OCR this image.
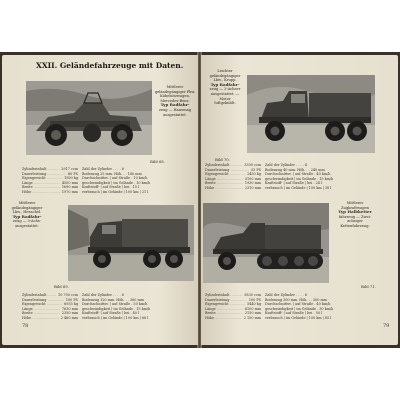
XXII. Geländefahrzeuge mit Daten.
Mittlerer geländegängiger Pkw.
Kübelsitzwagen,
Mercedes-Benz.
Typ Radfahr-
zeug — Hanomag
ausgestattet.
Bild 68.
Zylinderinhalt .....	2917 ccm
Dauerleistung .....	60 PS
Eigengewicht .....	1950 kg
Länge .....	4500 mm
Breite .....	1690 mm
Höhe .....	1970 mm
Zahl der Zylinder . . . . 6
Bodenzug 25 mm. Höh. . . 180 mm
Durchschnittsv. | auf Straße . 10 km/h
geschwindigkeit | im Gelände . 10 km/h
Kraftstoff- | auf Straße | bei . 15 l
verbrauch | im Gelände | 100 km | 21 l
Mittlerer
geländegängiger
Lkw., Henschel.
Typ Radfahr-
zeug — 3-Achs-
ausgestattet.
Bild 69.
Zylinderinhalt .....	10 700 ccm
Dauerleistung .....	100 PS
Eigengewicht .....	6935 kg
Länge .....	7630 mm
Breite .....	2350 mm
Höhe .....	2 460 mm
Zahl der Zylinder . . . . 6
Bodenzug 120 mm. Höh. . . 360 mm
Durchschnittsv. | auf Straße . 50 km/h
geschwindigkeit | im Gelände . 15 km/h
Kraftstoff- | auf Straße | bei . 40 l
verbrauch | im Gelände | 100 km | 68 l
78
Leichter
geländegängiger
Lkw., Krupp.
Typ Radfahr-
zeug — 3-Achser
ausgestattet. —
Motor
luftgekühlt.
Bild 70.
Zylinderinhalt .....	3300 ccm
Dauerleistung .....	55 PS
Eigengewicht .....	2450 kg
Länge .....	5100 mm
Breite .....	1930 mm
Höhe .....	2310 mm
Zahl der Zylinder . . . . 4
Bodenzug 40 mm. Höh. . . 240 mm
Durchschnittsv. | auf Straße . 40 km/h
geschwindigkeit | im Gelände . 15 km/h
Kraftstoff- | auf Straße | bei . 24 l
verbrauch | im Gelände | 100 km | 38 l
Mittlerer
Zugkraftwagen
Typ Halbketter
fahrzeug — Zwei-
achsiger
Kettenfahrzeug.
Bild 71.
Zylinderinhalt .....	5830 ccm
Dauerleistung .....	100 PS
Eigengewicht .....	5440 kg
Länge .....	6100 mm
Breite .....	2150 mm
Höhe .....	2 150 mm
Zahl der Zylinder . . . . 6
Bodenzug 300 mm. Höh. . . 300 mm
Durchschnittsv. | auf Straße . 40 km/h
geschwindigkeit | im Gelände . 30 km/h
Kraftstoff- | auf Straße | bei . 50 l
verbrauch | im Gelände | 100 km | 85 l
79
